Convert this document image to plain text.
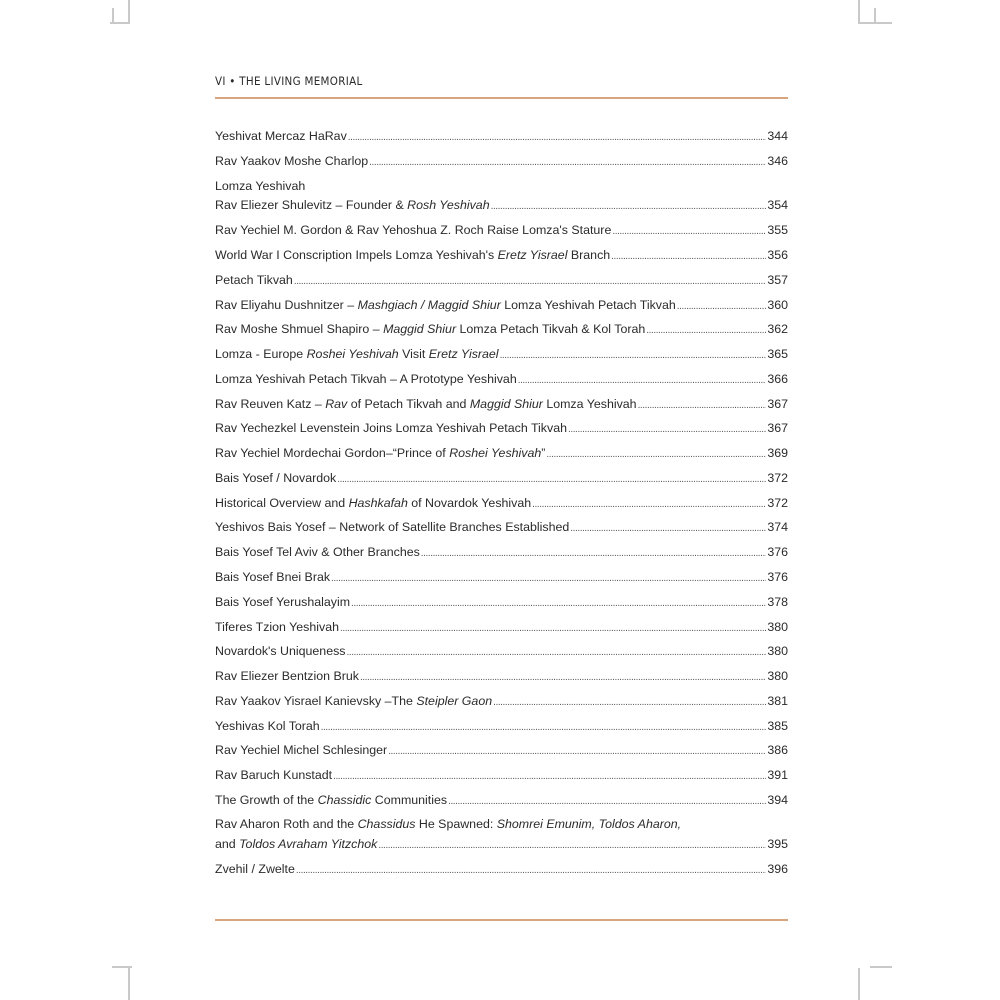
VI • THE LIVING MEMORIAL
Yeshivat Mercaz HaRav . . .	344
Rav Yaakov Moshe Charlop . . .	346
Lomza Yeshivah
Rav Eliezer Shulevitz – Founder & Rosh Yeshivah . . .	354
Rav Yechiel M. Gordon & Rav Yehoshua Z. Roch Raise Lomza's Stature . . .	355
World War I Conscription Impels Lomza Yeshivah's Eretz Yisrael Branch . . .	356
Petach Tikvah . . .	357
Rav Eliyahu Dushnitzer – Mashgiach / Maggid Shiur Lomza Yeshivah Petach Tikvah . . .	360
Rav Moshe Shmuel Shapiro – Maggid Shiur Lomza Petach Tikvah & Kol Torah . . .	362
Lomza - Europe Roshei Yeshivah Visit Eretz Yisrael . . .	365
Lomza Yeshivah Petach Tikvah – A Prototype Yeshivah . . .	366
Rav Reuven Katz – Rav of Petach Tikvah and Maggid Shiur Lomza Yeshivah . . .	367
Rav Yechezkel Levenstein Joins Lomza Yeshivah Petach Tikvah . . .	367
Rav Yechiel Mordechai Gordon–“Prince of Roshei Yeshivah” . . .	369
Bais Yosef / Novardok . . .	372
Historical Overview and Hashkafah of Novardok Yeshivah . . .	372
Yeshivos Bais Yosef – Network of Satellite Branches Established . . .	374
Bais Yosef Tel Aviv & Other Branches . . .	376
Bais Yosef Bnei Brak . . .	376
Bais Yosef Yerushalayim . . .	378
Tiferes Tzion Yeshivah . . .	380
Novardok's Uniqueness . . .	380
Rav Eliezer Bentzion Bruk . . .	380
Rav Yaakov Yisrael Kanievsky –The Steipler Gaon . . .	381
Yeshivas Kol Torah . . .	385
Rav Yechiel Michel Schlesinger . . .	386
Rav Baruch Kunstadt . . .	391
The Growth of the Chassidic Communities . . .	394
Rav Aharon Roth and the Chassidus He Spawned: Shomrei Emunim, Toldos Aharon,
and Toldos Avraham Yitzchok . . .	395
Zvehil / Zwelte . . .	396
